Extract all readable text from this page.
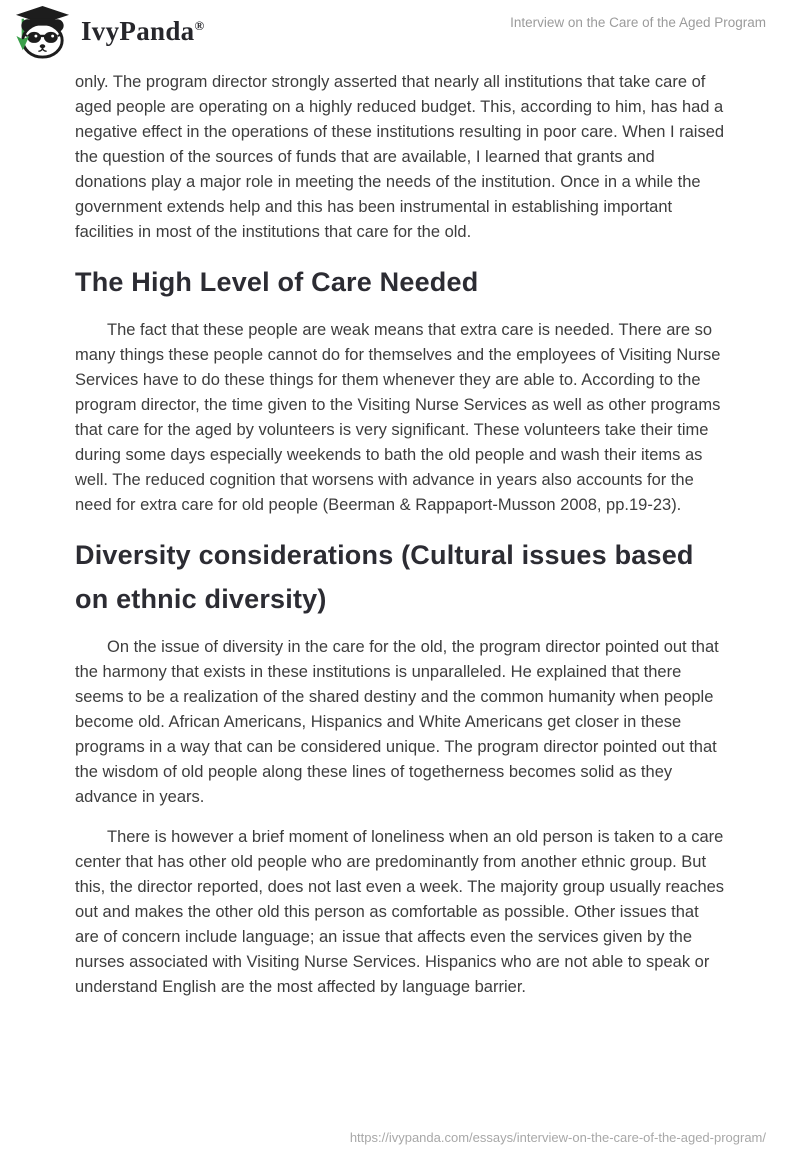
IvyPanda®	Interview on the Care of the Aged Program

only. The program director strongly asserted that nearly all institutions that take care of aged people are operating on a highly reduced budget. This, according to him, has had a negative effect in the operations of these institutions resulting in poor care. When I raised the question of the sources of funds that are available, I learned that grants and donations play a major role in meeting the needs of the institution. Once in a while the government extends help and this has been instrumental in establishing important facilities in most of the institutions that care for the old.

The High Level of Care Needed

The fact that these people are weak means that extra care is needed. There are so many things these people cannot do for themselves and the employees of Visiting Nurse Services have to do these things for them whenever they are able to. According to the program director, the time given to the Visiting Nurse Services as well as other programs that care for the aged by volunteers is very significant. These volunteers take their time during some days especially weekends to bath the old people and wash their items as well. The reduced cognition that worsens with advance in years also accounts for the need for extra care for old people (Beerman & Rappaport-Musson 2008, pp.19-23).

Diversity considerations (Cultural issues based on ethnic diversity)

On the issue of diversity in the care for the old, the program director pointed out that the harmony that exists in these institutions is unparalleled. He explained that there seems to be a realization of the shared destiny and the common humanity when people become old. African Americans, Hispanics and White Americans get closer in these programs in a way that can be considered unique. The program director pointed out that the wisdom of old people along these lines of togetherness becomes solid as they advance in years.

There is however a brief moment of loneliness when an old person is taken to a care center that has other old people who are predominantly from another ethnic group. But this, the director reported, does not last even a week. The majority group usually reaches out and makes the other old this person as comfortable as possible. Other issues that are of concern include language; an issue that affects even the services given by the nurses associated with Visiting Nurse Services. Hispanics who are not able to speak or understand English are the most affected by language barrier.

https://ivypanda.com/essays/interview-on-the-care-of-the-aged-program/
